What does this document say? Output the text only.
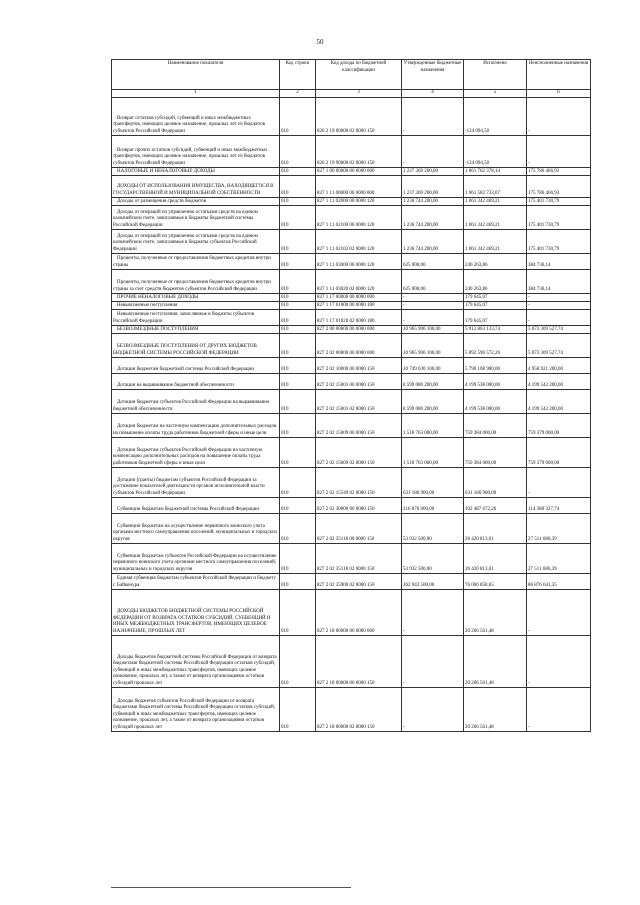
50
Наименование показателя	Код строки	Код дохода по бюджетной классификации	Утвержденные бюджетные назначения	Исполнено	Неисполненные назначения
1	2	3	4	5	6
Возврат остатков субсидий, субвенций и иных межбюджетных трансфертов, имеющих целевое назначение, прошлых лет из бюджетов субъектов Российской Федерации	010	826 2 19 00000 02 0000 150	-	-124 094,50	-
Возврат прочих остатков субсидий, субвенций и иных межбюджетных трансфертов, имеющих целевое назначение, прошлых лет из бюджетов субъектов Российской Федерации	010	826 2 19 90000 02 0000 150	-	-124 094,50	-
НАЛОГОВЫЕ И НЕНАЛОГОВЫЕ ДОХОДЫ	010	827 1 00 00000 00 0000 000	1 237 369 200,00	1 061 762 378,14	175 786 466,93
ДОХОДЫ ОТ ИСПОЛЬЗОВАНИЯ ИМУЩЕСТВА, НАХОДЯЩЕГОСЯ В ГОСУДАРСТВЕННОЙ И МУНИЦИПАЛЬНОЙ СОБСТВЕННОСТИ	010	827 1 11 00000 00 0000 000	1 237 369 200,00	1 061 582 733,07	175 786 466,93
Доходы от размещения средств бюджетов	010	827 1 11 02000 00 0000 120	1 236 744 200,00	1 061 342 469,21	175 401 730,79
Доходы от операций по управлению остатками средств на едином казначейском счете, зачисляемые в бюджеты бюджетной системы Российской Федерации	010	827 1 11 02100 00 0000 120	1 236 744 200,00	1 061 342 469,21	175 401 730,79
Доходы от операций по управлению остатками средств на едином казначейском счете, зачисляемые в бюджеты субъектов Российской Федерации	010	827 1 11 02102 02 0000 120	1 236 744 200,00	1 061 342 469,21	175 401 730,79
Проценты, полученные от предоставления бюджетных кредитов внутри страны	010	827 1 11 03000 00 0000 120	625 000,00	240 263,86	384 736,14
Проценты, полученные от предоставления бюджетных кредитов внутри страны за счет средств бюджетов субъектов Российской Федерации	010	827 1 11 03020 02 0000 120	625 000,00	240 263,86	384 736,14
ПРОЧИЕ НЕНАЛОГОВЫЕ ДОХОДЫ	010	827 1 17 00000 00 0000 000	-	179 645,07	-
Невыясненные поступления	010	827 1 17 01000 00 0000 180	-	179 645,07	-
Невыясненные поступления, зачисляемые в бюджеты субъектов Российской Федерации	010	827 1 17 01020 02 0000 180	-	179 645,07	-
БЕЗВОЗМЕЗДНЫЕ ПОСТУПЛЕНИЯ	010	827 2 00 00000 00 0000 000	10 965 906 100,00	5 912 863 133,74	5 073 309 527,74
БЕЗВОЗМЕЗДНЫЕ ПОСТУПЛЕНИЯ ОТ ДРУГИХ БЮДЖЕТОВ БЮДЖЕТНОЙ СИСТЕМЫ РОССИЙСКОЙ ФЕДЕРАЦИИ	010	827 2 02 00000 00 0000 000	10 965 906 100,00	5 892 596 572,26	5 073 309 527,74
Дотации бюджетам бюджетной системы Российской Федерации	010	827 2 02 10000 00 0000 150	10 749 030 100,00	5 790 108 900,00	4 958 921 200,00
Дотации на выравнивание бюджетной обеспеченности	010	827 2 02 15001 00 0000 150	8 599 080 200,00	4 199 538 000,00	4 199 542 200,00
Дотации бюджетам субъектов Российской Федерации на выравнивание бюджетной обеспеченности	010	827 2 02 15001 02 0000 150	8 599 080 200,00	4 199 538 000,00	4 199 542 200,00
Дотации бюджетам на частичную компенсацию дополнительных расходов на повышение оплаты труда работников бюджетной сферы и иные цели	010	827 2 02 15009 00 0000 150	1 518 763 000,00	759 384 000,00	759 379 000,00
Дотации бюджетам субъектов Российской Федерации на частичную компенсацию дополнительных расходов на повышение оплаты труда работников бюджетной сферы и иные цели	010	827 2 02 15009 02 0000 150	1 518 763 000,00	759 384 000,00	759 379 000,00
Дотации (гранты) бюджетам субъектов Российской Федерации за достижение показателей деятельности органов исполнительной власти субъектов Российской Федерации	010	827 2 02 15549 02 0000 150	631 186 900,00	631 186 900,00	-
Субвенции бюджетам бюджетной системы Российской Федерации	010	827 2 02 30000 00 0000 150	216 876 000,00	102 487 672,26	114 388 327,74
Субвенции бюджетам на осуществление первичного воинского учета органами местного самоуправления поселений, муниципальных и городских округов	010	827 2 02 35118 00 0000 150	53 932 500,00	26 420 813,61	27 511 686,39
Субвенции бюджетам субъектов Российской Федерации на осуществление первичного воинского учета органами местного самоуправления поселений, муниципальных и городских округов	010	827 2 02 35118 02 0000 150	53 932 500,00	26 420 813,61	27 511 686,39
Единая субвенция бюджетам субъектов Российской Федерации и бюджету г. Байконура	010	827 2 02 35900 02 0000 150	162 943 500,00	76 066 858,65	86 876 641,35
ДОХОДЫ БЮДЖЕТОВ БЮДЖЕТНОЙ СИСТЕМЫ РОССИЙСКОЙ ФЕДЕРАЦИИ ОТ ВОЗВРАТА ОСТАТКОВ СУБСИДИЙ, СУБВЕНЦИЙ И ИНЫХ МЕЖБЮДЖЕТНЫХ ТРАНСФЕРТОВ, ИМЕЮЩИХ ЦЕЛЕВОЕ НАЗНАЧЕНИЕ, ПРОШЛЫХ ЛЕТ	010	827 2 18 00000 00 0000 000	-	20 266 561,48	-
Доходы бюджетов бюджетной системы Российской Федерации от возврата бюджетами бюджетной системы Российской Федерации остатков субсидий, субвенций и иных межбюджетных трансфертов, имеющих целевое назначение, прошлых лет, а также от возврата организациями остатков субсидий прошлых лет	010	827 2 18 00000 00 0000 150	-	20 266 561,48	-
Доходы бюджетов субъектов Российской Федерации от возврата бюджетами бюджетной системы Российской Федерации остатков субсидий, субвенций и иных межбюджетных трансфертов, имеющих целевое назначение, прошлых лет, а также от возврата организациями остатков субсидий прошлых лет	010	827 2 18 00000 02 0000 150	-	20 266 561,48	-
